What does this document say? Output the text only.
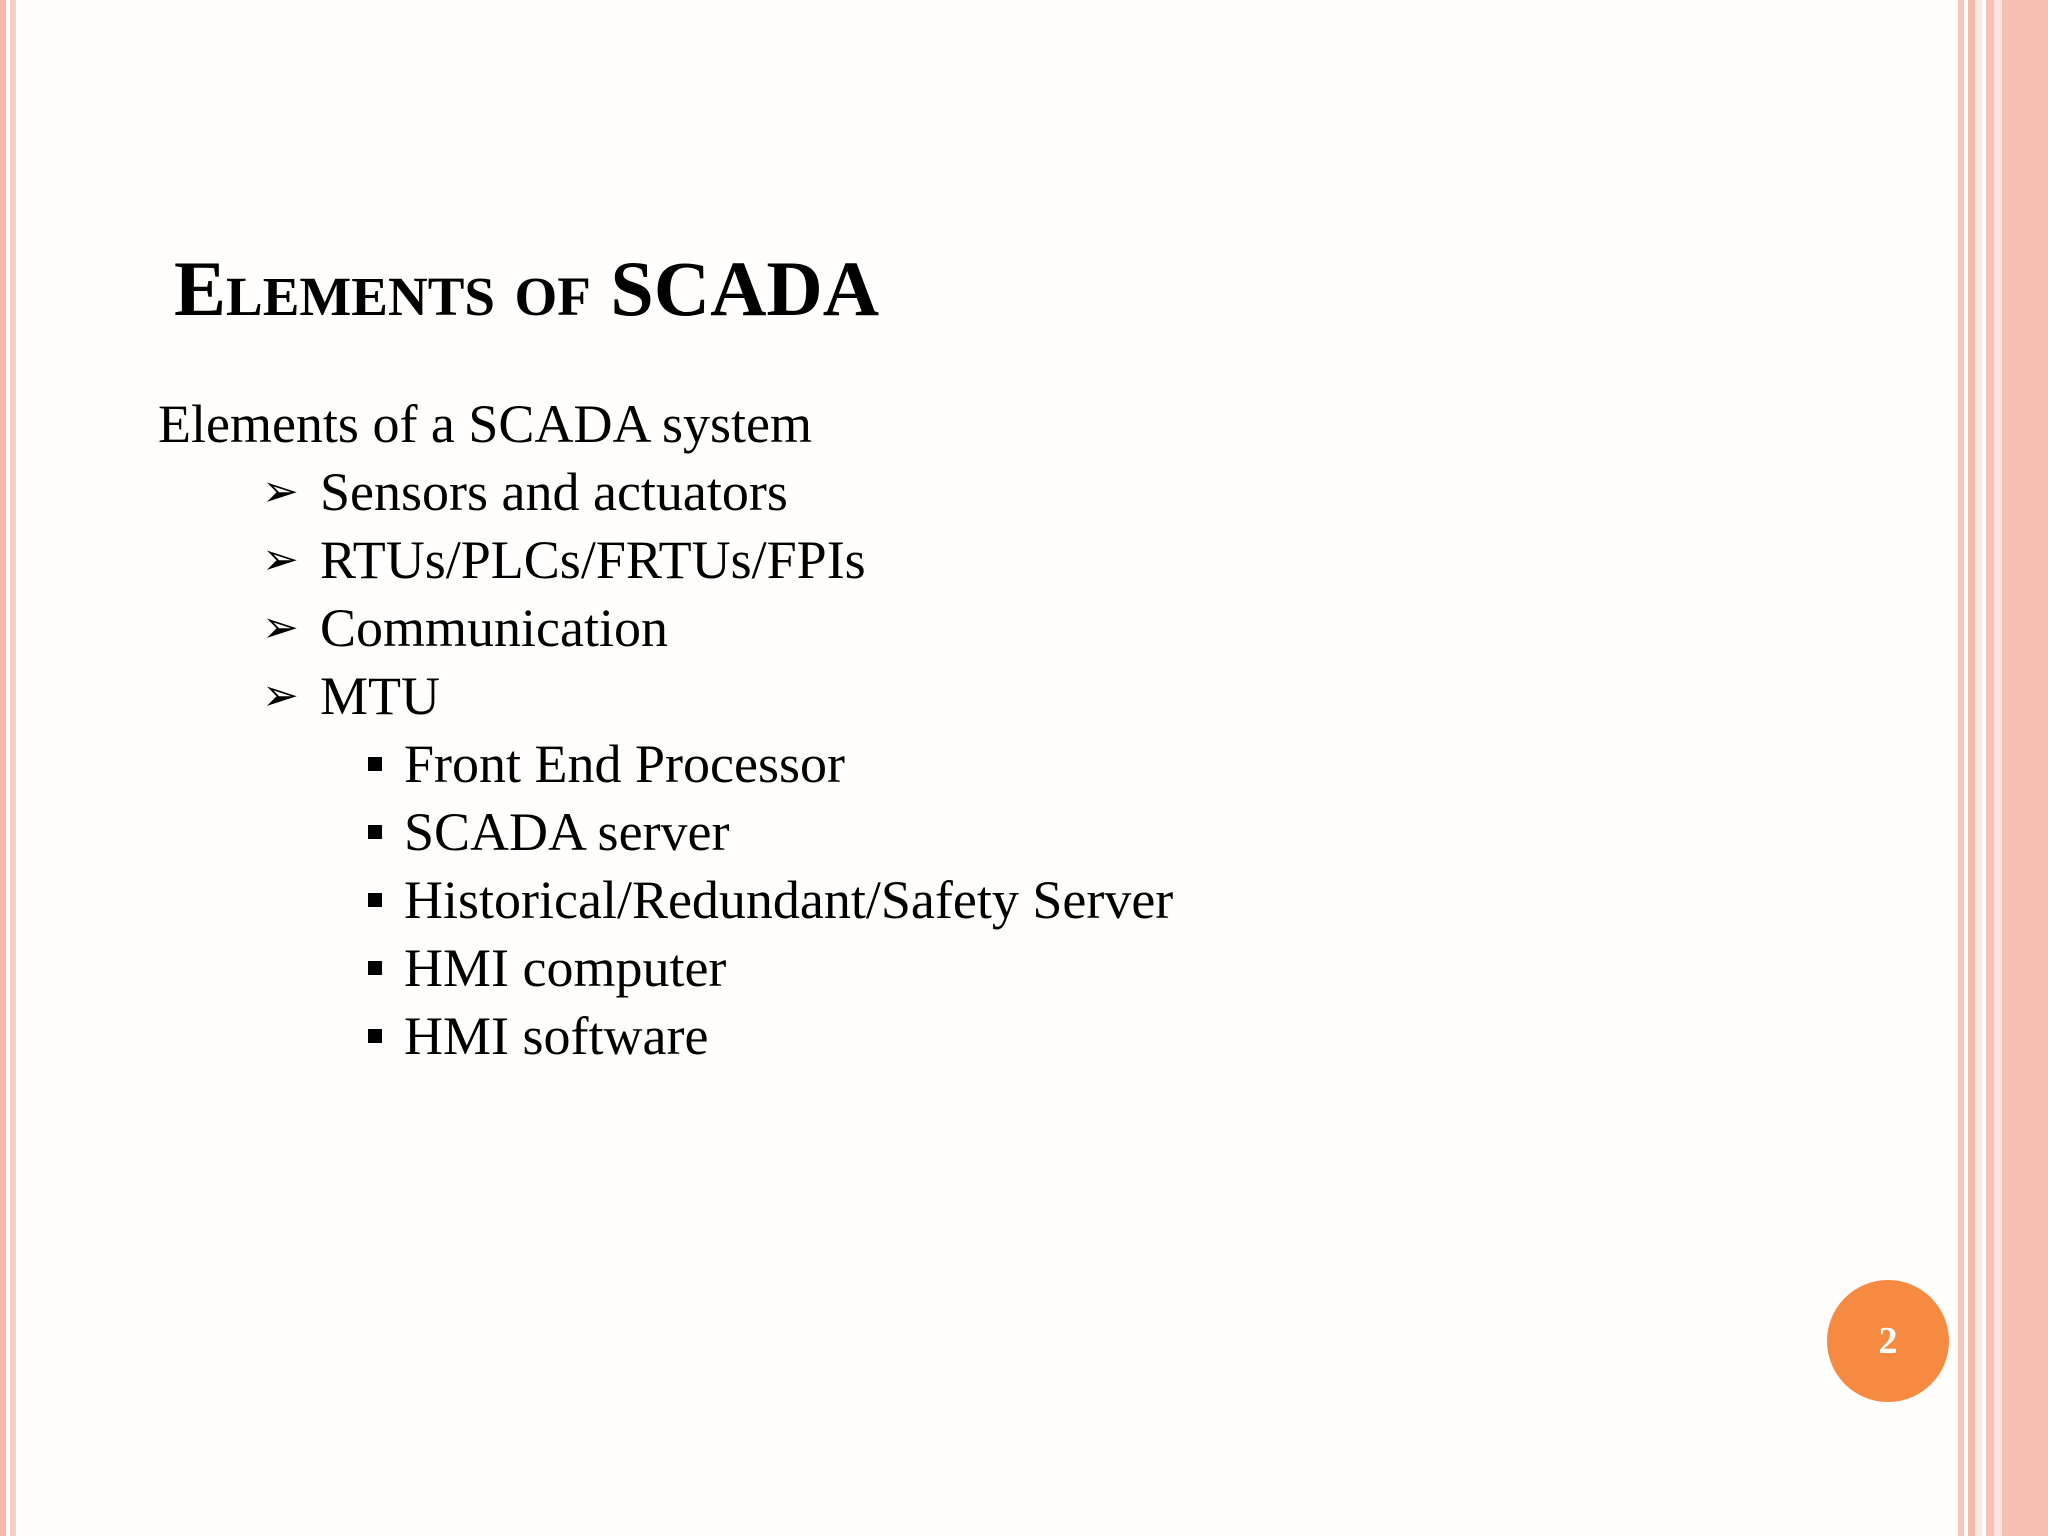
Elements of SCADA
Elements of a SCADA system
➢ Sensors and actuators
➢ RTUs/PLCs/FRTUs/FPIs
➢ Communication
➢ MTU
Front End Processor
SCADA server
Historical/Redundant/Safety Server
HMI computer
HMI software
2
